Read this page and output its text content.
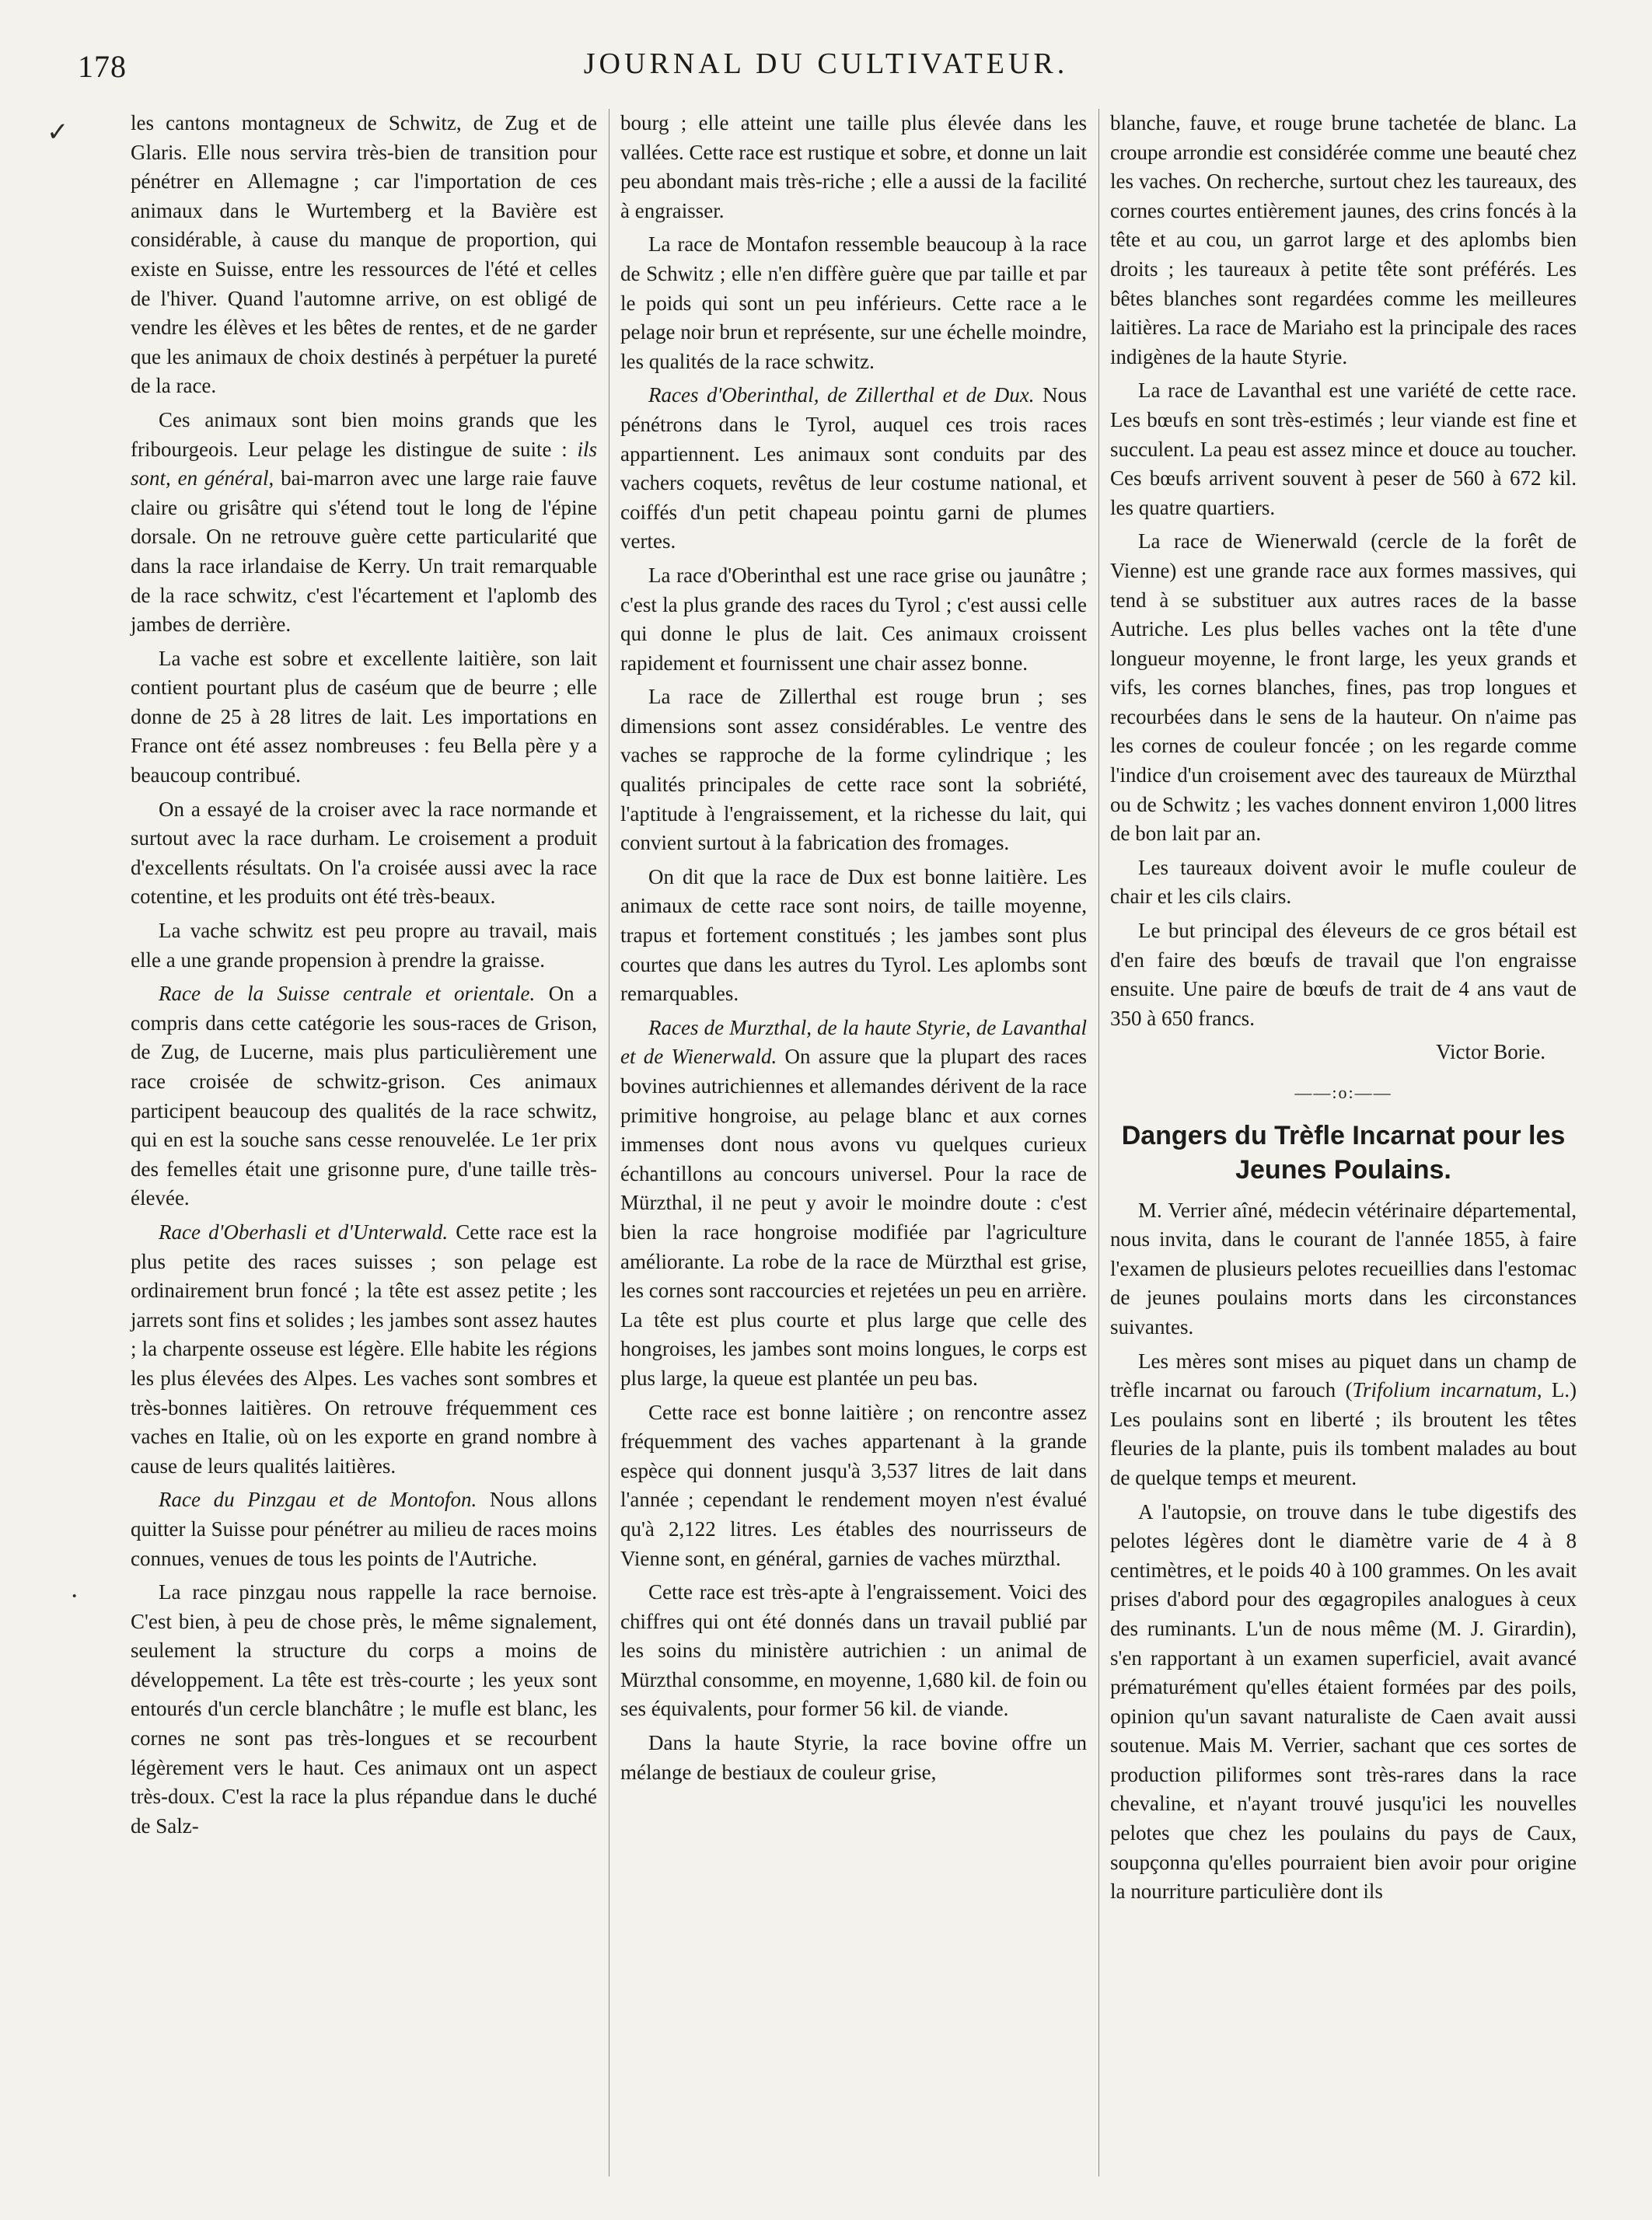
178	JOURNAL DU CULTIVATEUR.
✓
·

les cantons montagneux de Schwitz, de Zug et de Glaris. Elle nous servira très-bien de transition pour pénétrer en Allemagne ; car l'importation de ces animaux dans le Wurtemberg et la Bavière est considérable, à cause du manque de proportion, qui existe en Suisse, entre les ressources de l'été et celles de l'hiver. Quand l'automne arrive, on est obligé de vendre les élèves et les bêtes de rentes, et de ne garder que les animaux de choix destinés à perpétuer la pureté de la race.

Ces animaux sont bien moins grands que les fribourgeois. Leur pelage les distingue de suite : ils sont, en général, bai-marron avec une large raie fauve claire ou grisâtre qui s'étend tout le long de l'épine dorsale. On ne retrouve guère cette particularité que dans la race irlandaise de Kerry. Un trait remarquable de la race schwitz, c'est l'écartement et l'aplomb des jambes de derrière.

La vache est sobre et excellente laitière, son lait contient pourtant plus de caséum que de beurre ; elle donne de 25 à 28 litres de lait. Les importations en France ont été assez nombreuses : feu Bella père y a beaucoup contribué.

On a essayé de la croiser avec la race normande et surtout avec la race durham. Le croisement a produit d'excellents résultats. On l'a croisée aussi avec la race cotentine, et les produits ont été très-beaux.

La vache schwitz est peu propre au travail, mais elle a une grande propension à prendre la graisse.

Race de la Suisse centrale et orientale. On a compris dans cette catégorie les sous-races de Grison, de Zug, de Lucerne, mais plus particulièrement une race croisée de schwitz-grison. Ces animaux participent beaucoup des qualités de la race schwitz, qui en est la souche sans cesse renouvelée. Le 1er prix des femelles était une grisonne pure, d'une taille très-élevée.

Race d'Oberhasli et d'Unterwald. Cette race est la plus petite des races suisses ; son pelage est ordinairement brun foncé ; la tête est assez petite ; les jarrets sont fins et solides ; les jambes sont assez hautes ; la charpente osseuse est légère. Elle habite les régions les plus élevées des Alpes. Les vaches sont sombres et très-bonnes laitières. On retrouve fréquemment ces vaches en Italie, où on les exporte en grand nombre à cause de leurs qualités laitières.

Race du Pinzgau et de Montofon. Nous allons quitter la Suisse pour pénétrer au milieu de races moins connues, venues de tous les points de l'Autriche.

La race pinzgau nous rappelle la race bernoise. C'est bien, à peu de chose près, le même signalement, seulement la structure du corps a moins de développement. La tête est très-courte ; les yeux sont entourés d'un cercle blanchâtre ; le mufle est blanc, les cornes ne sont pas très-longues et se recourbent légèrement vers le haut. Ces animaux ont un aspect très-doux. C'est la race la plus répandue dans le duché de Salz-

bourg ; elle atteint une taille plus élevée dans les vallées. Cette race est rustique et sobre, et donne un lait peu abondant mais très-riche ; elle a aussi de la facilité à engraisser.

La race de Montafon ressemble beaucoup à la race de Schwitz ; elle n'en diffère guère que par taille et par le poids qui sont un peu inférieurs. Cette race a le pelage noir brun et représente, sur une échelle moindre, les qualités de la race schwitz.

Races d'Oberinthal, de Zillerthal et de Dux. Nous pénétrons dans le Tyrol, auquel ces trois races appartiennent. Les animaux sont conduits par des vachers coquets, revêtus de leur costume national, et coiffés d'un petit chapeau pointu garni de plumes vertes.

La race d'Oberinthal est une race grise ou jaunâtre ; c'est la plus grande des races du Tyrol ; c'est aussi celle qui donne le plus de lait. Ces animaux croissent rapidement et fournissent une chair assez bonne.

La race de Zillerthal est rouge brun ; ses dimensions sont assez considérables. Le ventre des vaches se rapproche de la forme cylindrique ; les qualités principales de cette race sont la sobriété, l'aptitude à l'engraissement, et la richesse du lait, qui convient surtout à la fabrication des fromages.

On dit que la race de Dux est bonne laitière. Les animaux de cette race sont noirs, de taille moyenne, trapus et fortement constitués ; les jambes sont plus courtes que dans les autres du Tyrol. Les aplombs sont remarquables.

Races de Murzthal, de la haute Styrie, de Lavanthal et de Wienerwald. On assure que la plupart des races bovines autrichiennes et allemandes dérivent de la race primitive hongroise, au pelage blanc et aux cornes immenses dont nous avons vu quelques curieux échantillons au concours universel. Pour la race de Mürzthal, il ne peut y avoir le moindre doute : c'est bien la race hongroise modifiée par l'agriculture améliorante. La robe de la race de Mürzthal est grise, les cornes sont raccourcies et rejetées un peu en arrière. La tête est plus courte et plus large que celle des hongroises, les jambes sont moins longues, le corps est plus large, la queue est plantée un peu bas.

Cette race est bonne laitière ; on rencontre assez fréquemment des vaches appartenant à la grande espèce qui donnent jusqu'à 3,537 litres de lait dans l'année ; cependant le rendement moyen n'est évalué qu'à 2,122 litres. Les étables des nourrisseurs de Vienne sont, en général, garnies de vaches mürzthal.

Cette race est très-apte à l'engraissement. Voici des chiffres qui ont été donnés dans un travail publié par les soins du ministère autrichien : un animal de Mürzthal consomme, en moyenne, 1,680 kil. de foin ou ses équivalents, pour former 56 kil. de viande.

Dans la haute Styrie, la race bovine offre un mélange de bestiaux de couleur grise,

blanche, fauve, et rouge brune tachetée de blanc. La croupe arrondie est considérée comme une beauté chez les vaches. On recherche, surtout chez les taureaux, des cornes courtes entièrement jaunes, des crins foncés à la tête et au cou, un garrot large et des aplombs bien droits ; les taureaux à petite tête sont préférés. Les bêtes blanches sont regardées comme les meilleures laitières. La race de Mariaho est la principale des races indigènes de la haute Styrie.

La race de Lavanthal est une variété de cette race. Les bœufs en sont très-estimés ; leur viande est fine et succulent. La peau est assez mince et douce au toucher. Ces bœufs arrivent souvent à peser de 560 à 672 kil. les quatre quartiers.

La race de Wienerwald (cercle de la forêt de Vienne) est une grande race aux formes massives, qui tend à se substituer aux autres races de la basse Autriche. Les plus belles vaches ont la tête d'une longueur moyenne, le front large, les yeux grands et vifs, les cornes blanches, fines, pas trop longues et recourbées dans le sens de la hauteur. On n'aime pas les cornes de couleur foncée ; on les regarde comme l'indice d'un croisement avec des taureaux de Mürzthal ou de Schwitz ; les vaches donnent environ 1,000 litres de bon lait par an.

Les taureaux doivent avoir le mufle couleur de chair et les cils clairs.

Le but principal des éleveurs de ce gros bétail est d'en faire des bœufs de travail que l'on engraisse ensuite. Une paire de bœufs de trait de 4 ans vaut de 350 à 650 francs.

Victor Borie.

——:o:——
Dangers du Trèfle Incarnat pour les Jeunes Poulains.

M. Verrier aîné, médecin vétérinaire départemental, nous invita, dans le courant de l'année 1855, à faire l'examen de plusieurs pelotes recueillies dans l'estomac de jeunes poulains morts dans les circonstances suivantes.

Les mères sont mises au piquet dans un champ de trèfle incarnat ou farouch (Trifolium incarnatum, L.) Les poulains sont en liberté ; ils broutent les têtes fleuries de la plante, puis ils tombent malades au bout de quelque temps et meurent.

A l'autopsie, on trouve dans le tube digestifs des pelotes légères dont le diamètre varie de 4 à 8 centimètres, et le poids 40 à 100 grammes. On les avait prises d'abord pour des œgagropiles analogues à ceux des ruminants. L'un de nous même (M. J. Girardin), s'en rapportant à un examen superficiel, avait avancé prématurément qu'elles étaient formées par des poils, opinion qu'un savant naturaliste de Caen avait aussi soutenue. Mais M. Verrier, sachant que ces sortes de production piliformes sont très-rares dans la race chevaline, et n'ayant trouvé jusqu'ici les nouvelles pelotes que chez les poulains du pays de Caux, soupçonna qu'elles pourraient bien avoir pour origine la nourriture particulière dont ils
